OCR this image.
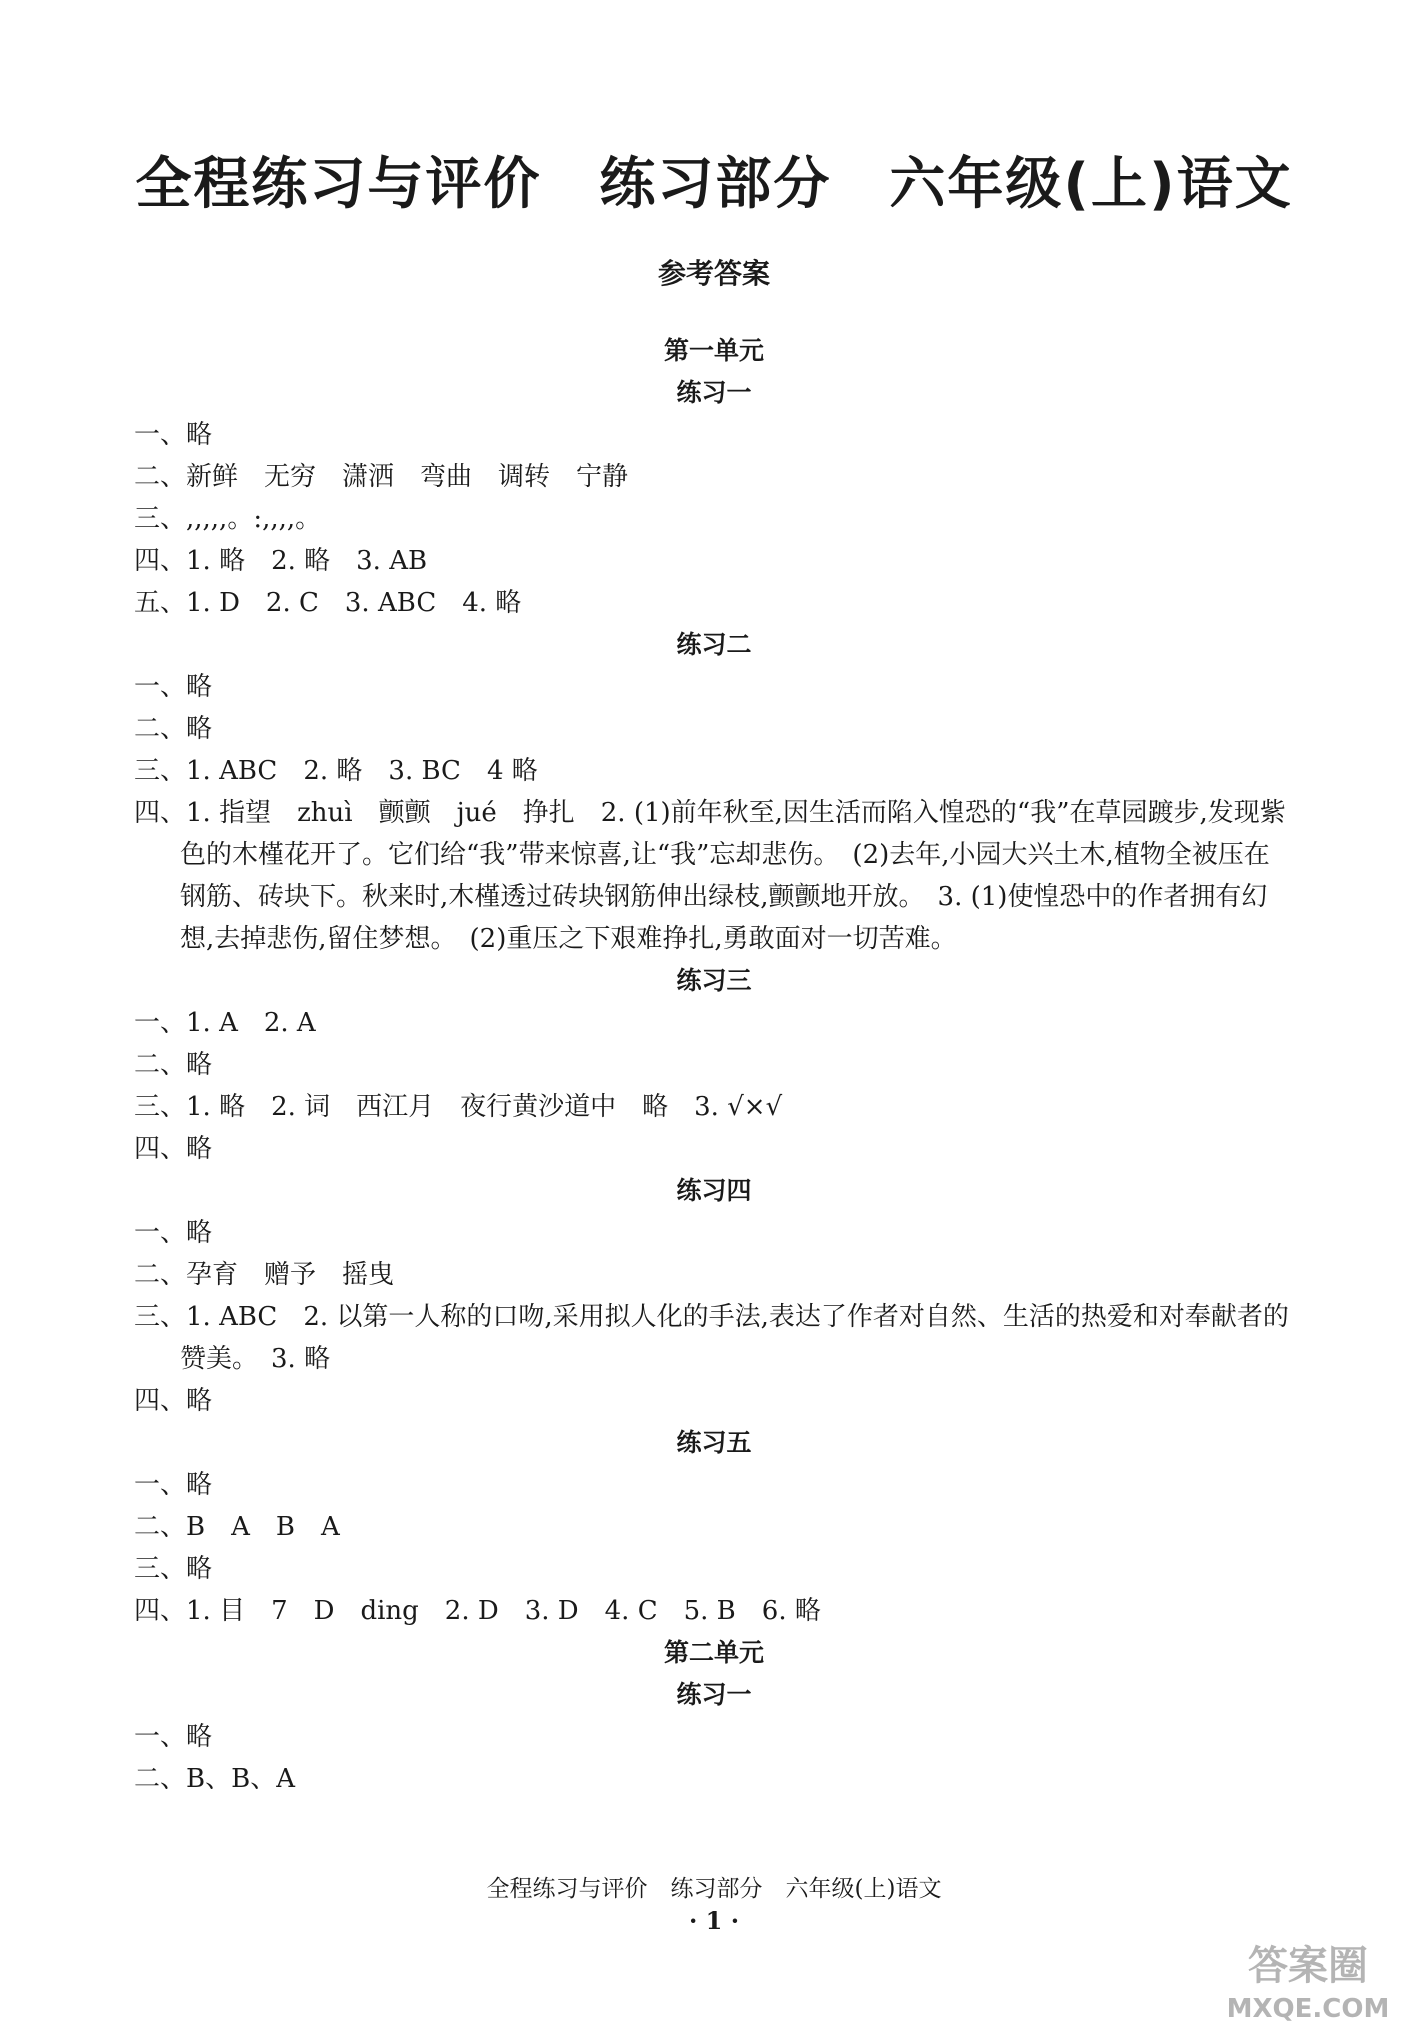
全程练习与评价　练习部分　六年级(上)语文
参考答案
第一单元
练习一

一、略

二、新鲜　无穷　潇洒　弯曲　调转　宁静

三、,,,,,。:,,,,。

四、1. 略　2. 略　3. AB

五、1. D　2. C　3. ABC　4. 略

练习二

一、略

二、略

三、1. ABC　2. 略　3. BC　4 略

四、1. 指望　zhuì　颤颤　jué　挣扎　2. (1)前年秋至,因生活而陷入惶恐的“我”在草园踱步,发现紫色的木槿花开了。它们给“我”带来惊喜,让“我”忘却悲伤。　(2)去年,小园大兴土木,植物全被压在钢筋、砖块下。秋来时,木槿透过砖块钢筋伸出绿枝,颤颤地开放。　3. (1)使惶恐中的作者拥有幻想,去掉悲伤,留住梦想。　(2)重压之下艰难挣扎,勇敢面对一切苦难。

练习三

一、1. A　2. A

二、略

三、1. 略　2. 词　西江月　夜行黄沙道中　略　3. √×√

四、略

练习四

一、略

二、孕育　赠予　摇曳

三、1. ABC　2. 以第一人称的口吻,采用拟人化的手法,表达了作者对自然、生活的热爱和对奉献者的赞美。　3. 略

四、略

练习五

一、略

二、B　A　B　A

三、略

四、1. 目　7　D　ding　2. D　3. D　4. C　5. B　6. 略

第二单元
练习一

一、略

二、B、B、A

全程练习与评价　练习部分　六年级(上)语文

· 1 ·

答案圈
MXQE.COM
